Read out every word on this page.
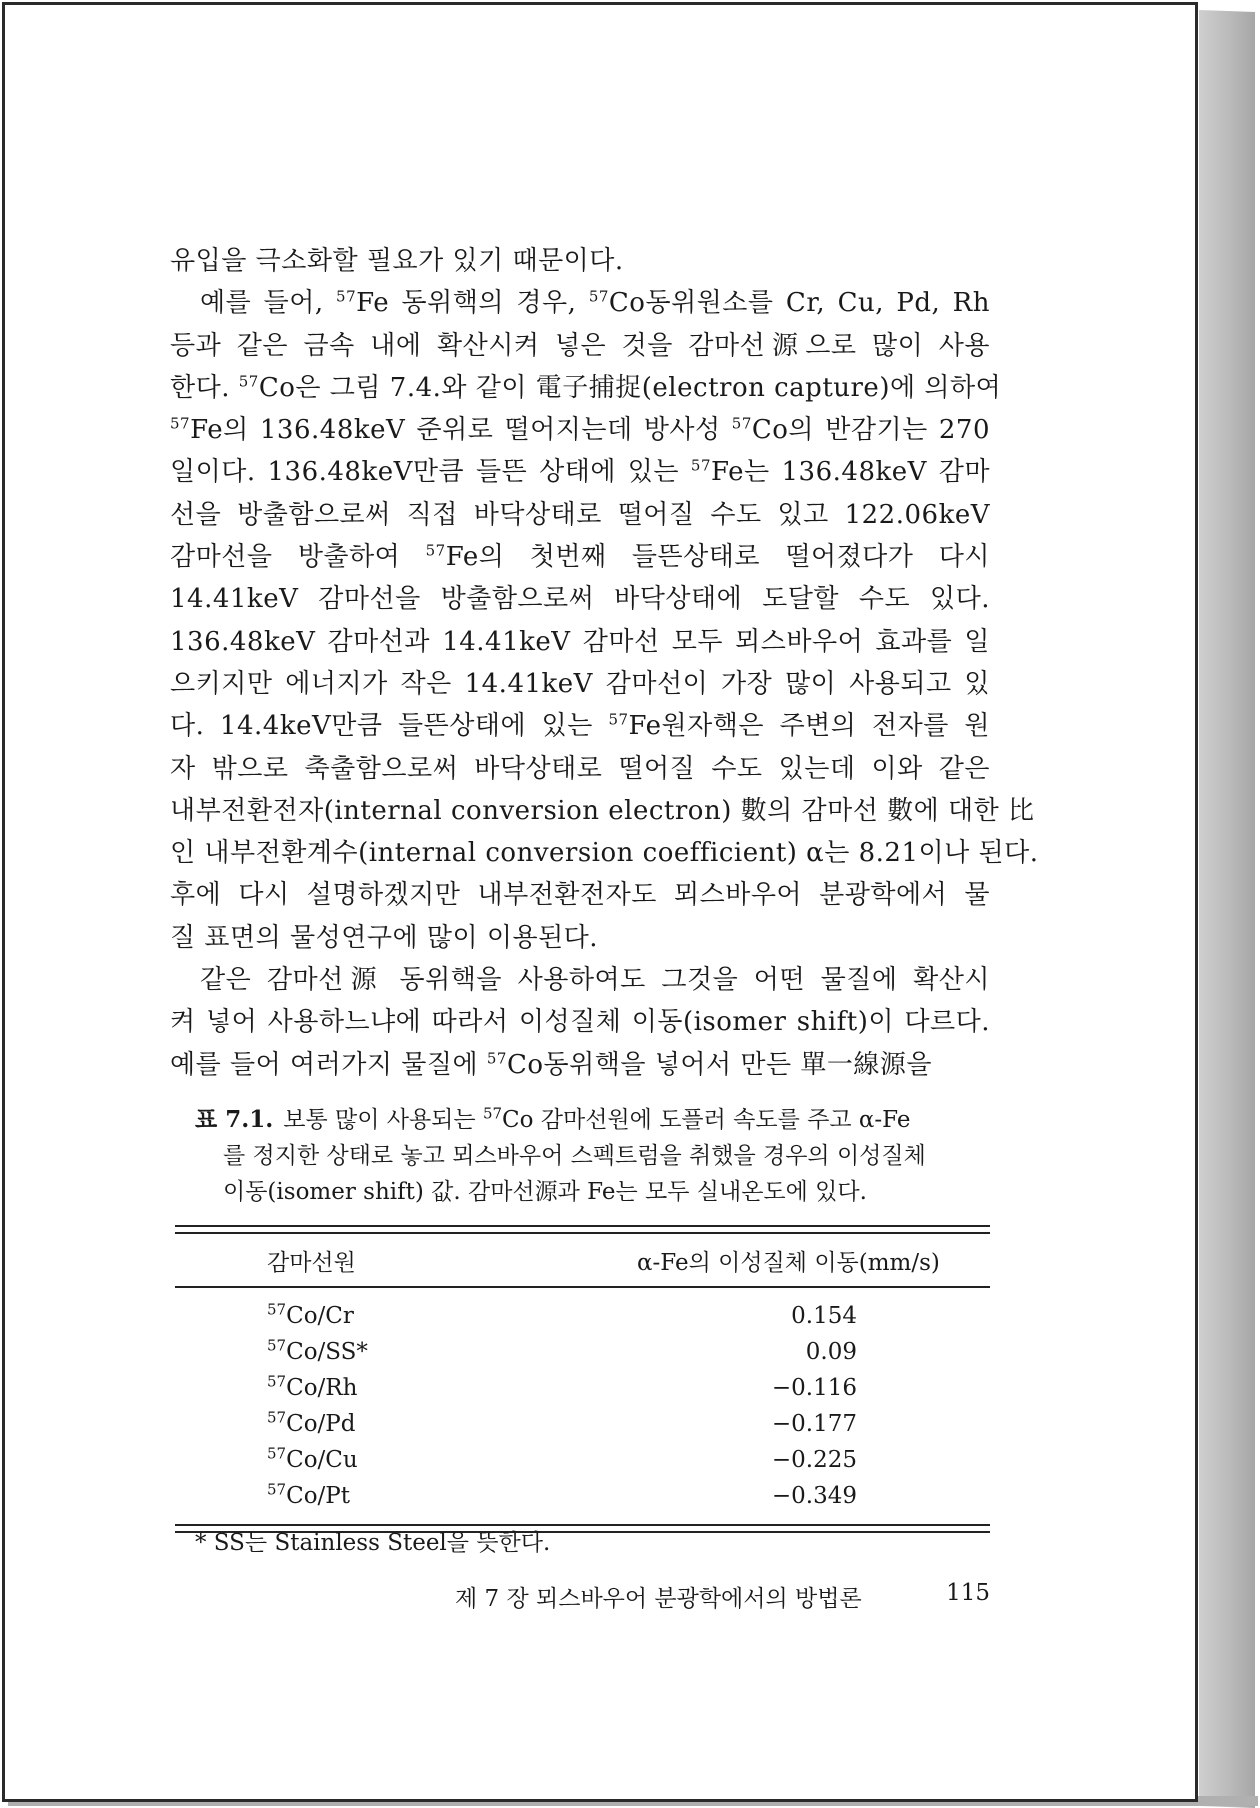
유입을 극소화할 필요가 있기 때문이다.
예를 들어, $^{57}$Fe 동위핵의 경우, $^{57}$Co동위원소를 Cr, Cu, Pd, Rh
등과 같은 금속 내에 확산시켜 넣은 것을 감마선源으로 많이 사용
한다. $^{57}$Co은 그림 7.4.와 같이 電子捕捉(electron capture)에 의하여
$^{57}$Fe의 136.48keV 준위로 떨어지는데 방사성 $^{57}$Co의 반감기는 270
일이다. 136.48keV만큼 들뜬 상태에 있는 $^{57}$Fe는 136.48keV 감마
선을 방출함으로써 직접 바닥상태로 떨어질 수도 있고 122.06keV
감마선을 방출하여 $^{57}$Fe의 첫번째 들뜬상태로 떨어졌다가 다시
14.41keV 감마선을 방출함으로써 바닥상태에 도달할 수도 있다.
136.48keV 감마선과 14.41keV 감마선 모두 뫼스바우어 효과를 일
으키지만 에너지가 작은 14.41keV 감마선이 가장 많이 사용되고 있
다. 14.4keV만큼 들뜬상태에 있는 $^{57}$Fe원자핵은 주변의 전자를 원
자 밖으로 축출함으로써 바닥상태로 떨어질 수도 있는데 이와 같은
내부전환전자(internal conversion electron) 數의 감마선 數에 대한 比
인 내부전환계수(internal conversion coefficient) α는 8.21이나 된다.
후에 다시 설명하겠지만 내부전환전자도 뫼스바우어 분광학에서 물
질 표면의 물성연구에 많이 이용된다.
같은 감마선源 동위핵을 사용하여도 그것을 어떤 물질에 확산시
켜 넣어 사용하느냐에 따라서 이성질체 이동(isomer shift)이 다르다.
예를 들어 여러가지 물질에 $^{57}$Co동위핵을 넣어서 만든 單一線源을
표 7.1. 보통 많이 사용되는 $^{57}$Co 감마선원에 도플러 속도를 주고 α-Fe
를 정지한 상태로 놓고 뫼스바우어 스펙트럼을 취했을 경우의 이성질체
이동(isomer shift) 값. 감마선源과 Fe는 모두 실내온도에 있다.
감마선원	α-Fe의 이성질체 이동(mm/s)
$^{57}$Co/Cr	0.154
$^{57}$Co/SS*	0.09
$^{57}$Co/Rh	−0.116
$^{57}$Co/Pd	−0.177
$^{57}$Co/Cu	−0.225
$^{57}$Co/Pt	−0.349
* SS는 Stainless Steel을 뜻한다.
제 7 장 뫼스바우어 분광학에서의 방법론	115
